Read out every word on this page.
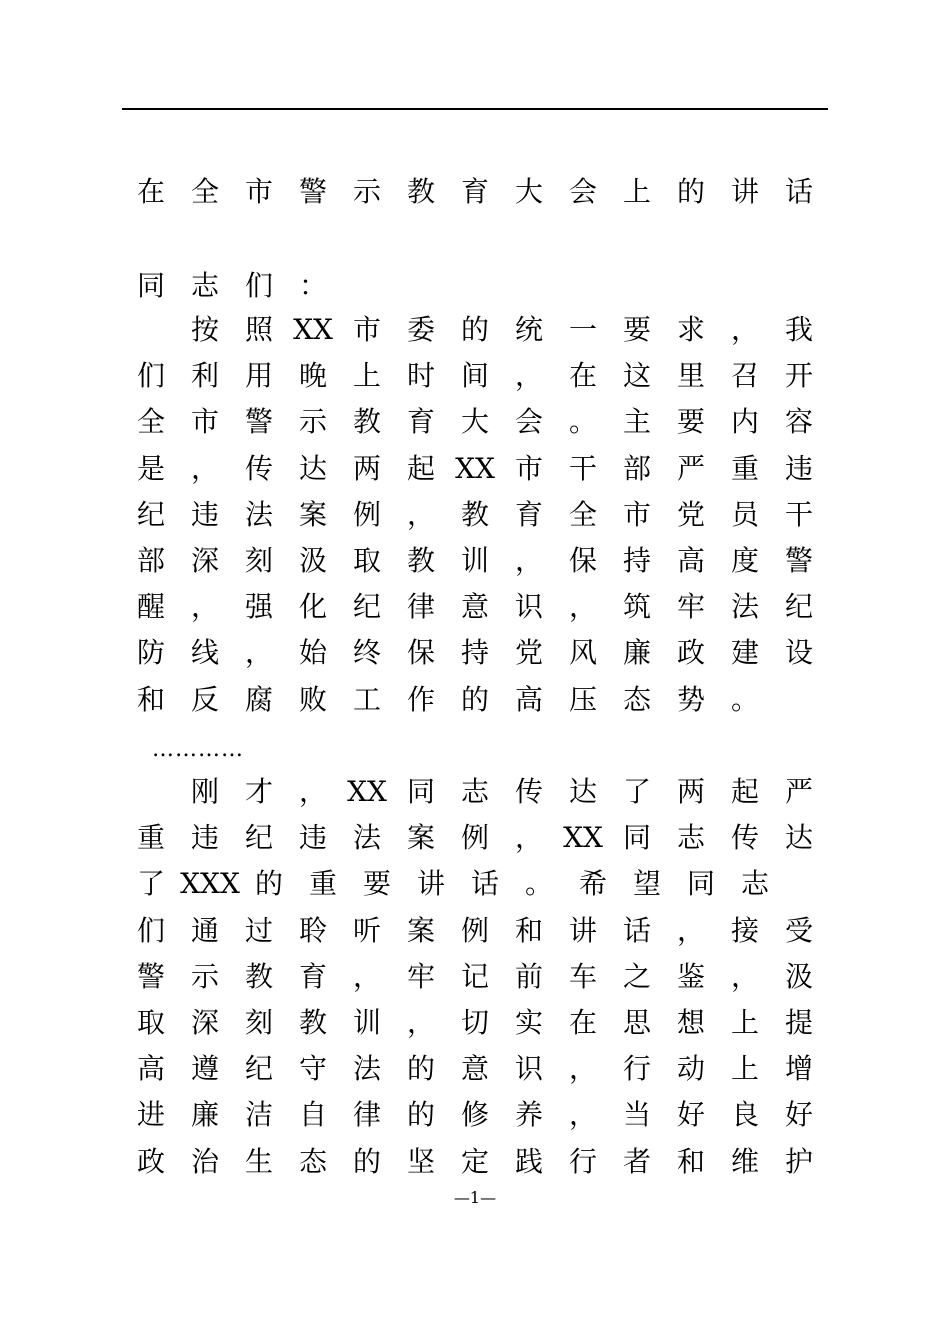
在 全 市 警 示 教 育 大 会 上 的 讲 话
同 志 们 ：
按 照 XX 市 委 的 统 一 要 求 ， 我
们 利 用 晚 上 时 间 ， 在 这 里 召 开
全 市 警 示 教 育 大 会 。 主 要 内 容
是 ， 传 达 两 起 XX 市 干 部 严 重 违
纪 违 法 案 例 ， 教 育 全 市 党 员 干
部 深 刻 汲 取 教 训 ， 保 持 高 度 警
醒 ， 强 化 纪 律 意 识 ， 筑 牢 法 纪
防 线 ， 始 终 保 持 党 风 廉 政 建 设
和 反 腐 败 工 作 的 高 压 态 势 。
…………
刚 才 ， XX 同 志 传 达 了 两 起 严
重 违 纪 违 法 案 例 ， XX 同 志 传 达
了 XXX 的 重 要 讲 话 。 希 望 同 志
们 通 过 聆 听 案 例 和 讲 话 ， 接 受
警 示 教 育 ， 牢 记 前 车 之 鉴 ， 汲
取 深 刻 教 训 ， 切 实 在 思 想 上 提
高 遵 纪 守 法 的 意 识 ， 行 动 上 增
进 廉 洁 自 律 的 修 养 ， 当 好 良 好
政 治 生 态 的 坚 定 践 行 者 和 维 护
—1—
